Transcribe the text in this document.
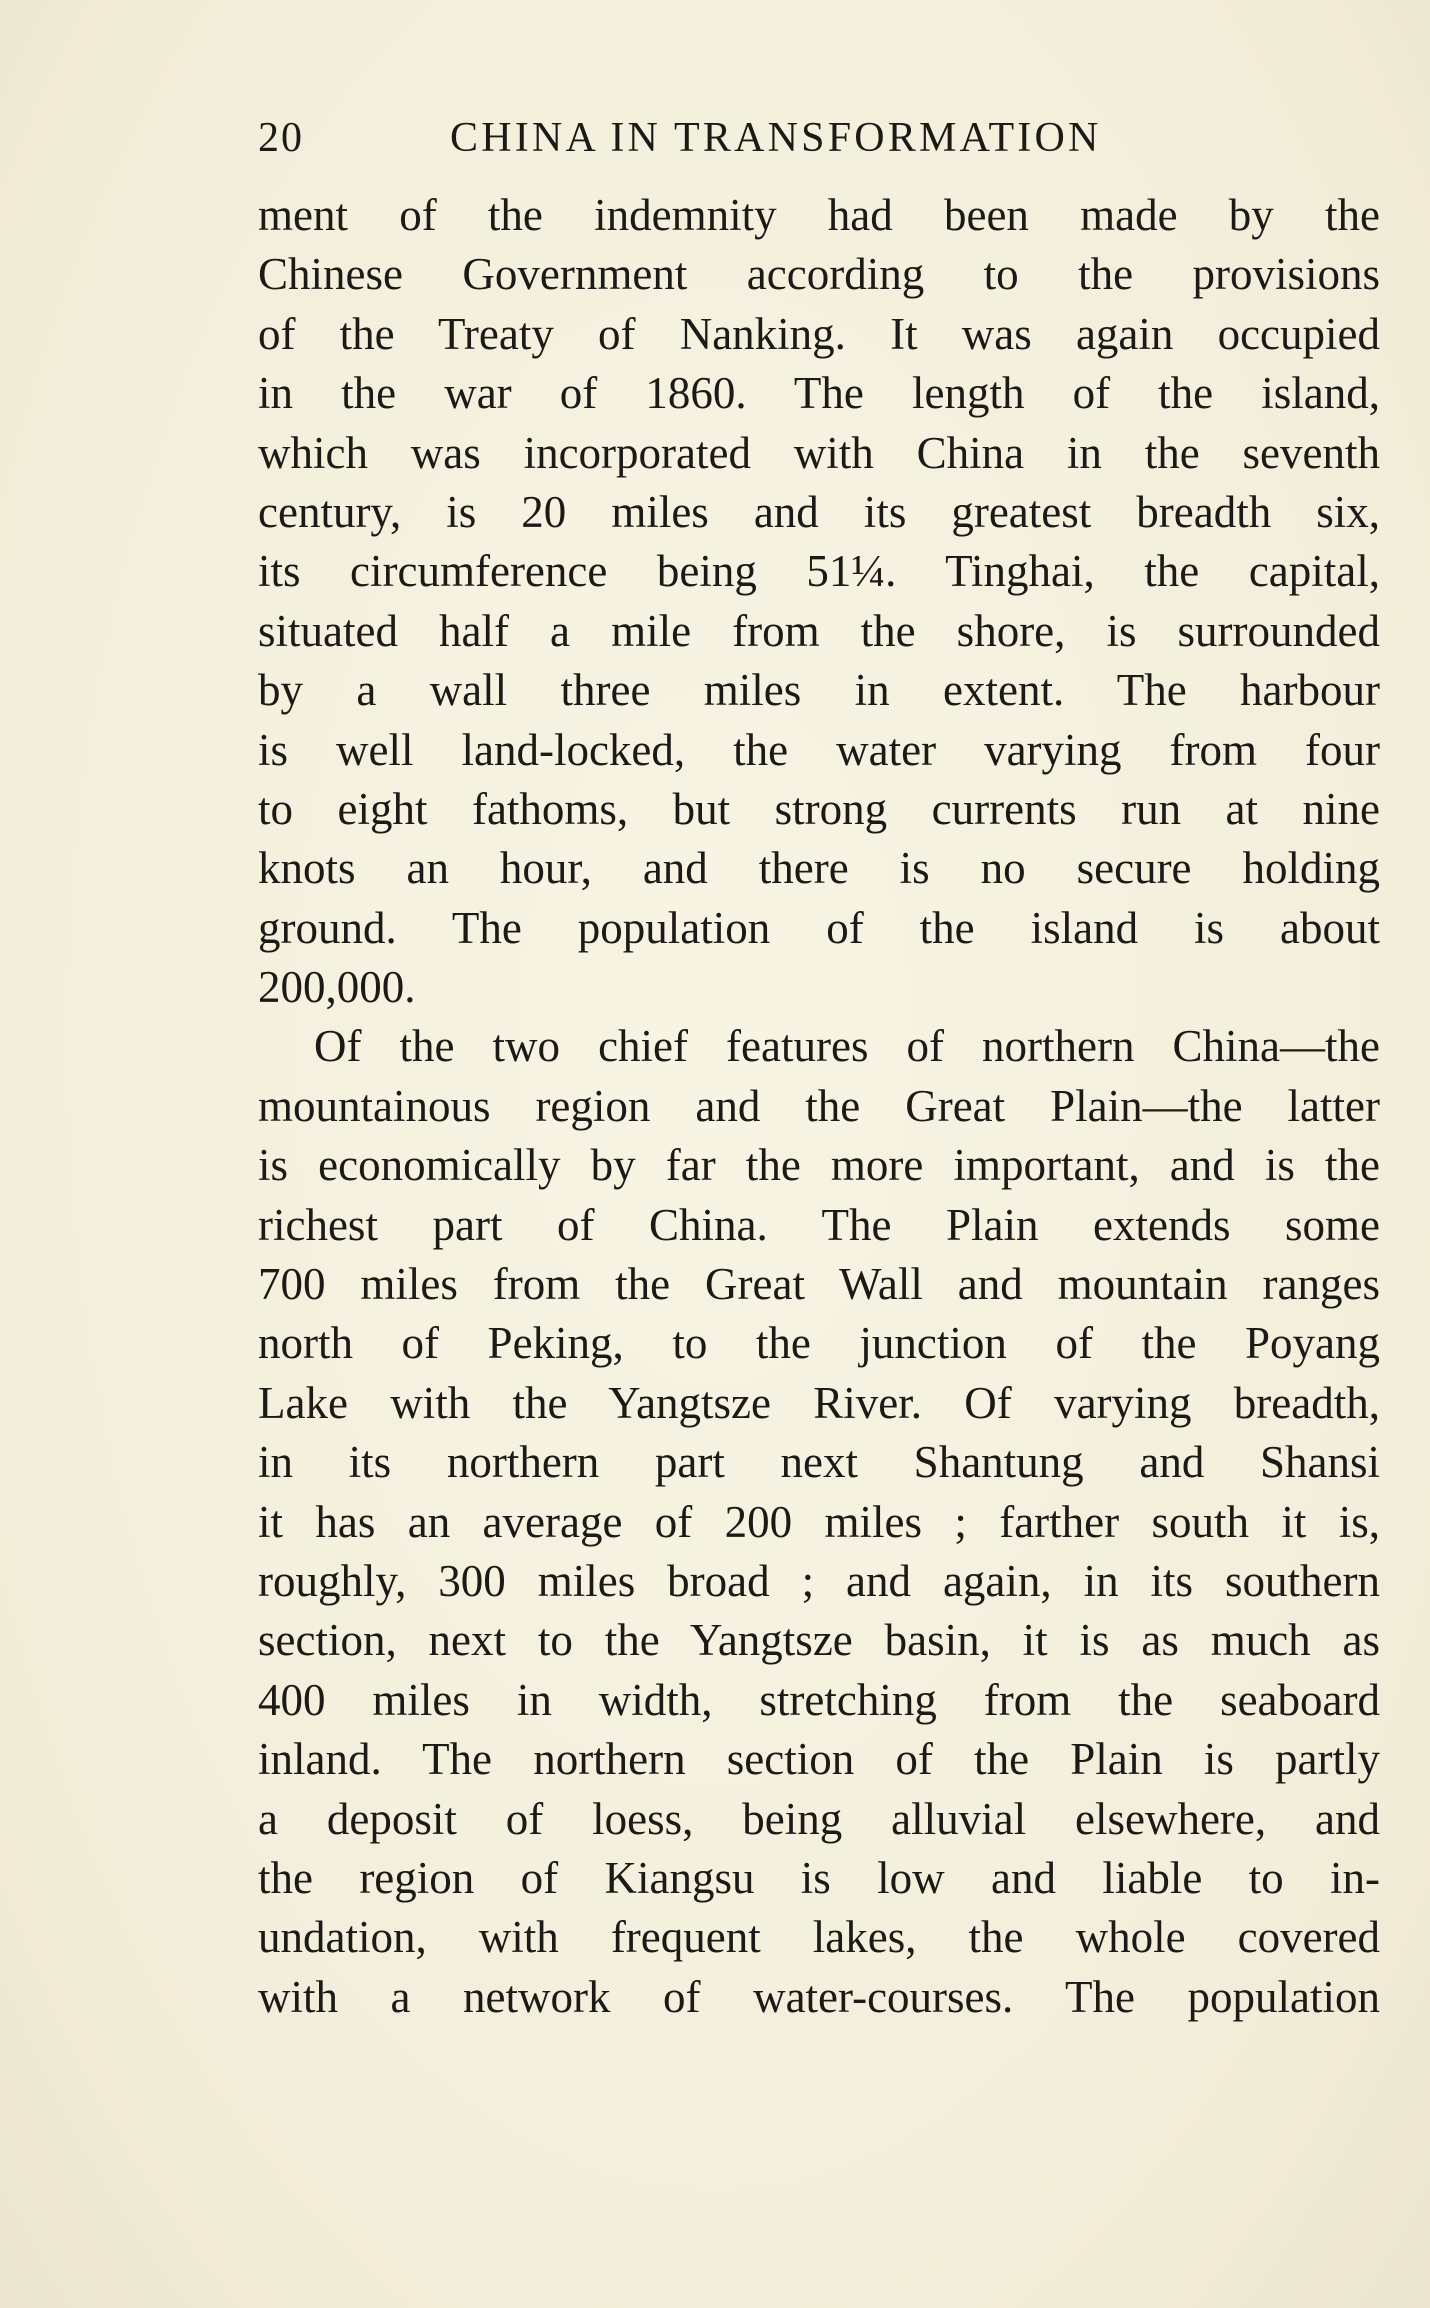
20	CHINA IN TRANSFORMATION
ment of the indemnity had been made by the
Chinese Government according to the provisions
of the Treaty of Nanking. It was again occupied
in the war of 1860. The length of the island,
which was incorporated with China in the seventh
century, is 20 miles and its greatest breadth six,
its circumference being 51¼. Tinghai, the capital,
situated half a mile from the shore, is surrounded
by a wall three miles in extent. The harbour
is well land-locked, the water varying from four
to eight fathoms, but strong currents run at nine
knots an hour, and there is no secure holding
ground. The population of the island is about
200,000.
Of the two chief features of northern China—the
mountainous region and the Great Plain—the latter
is economically by far the more important, and is the
richest part of China. The Plain extends some
700 miles from the Great Wall and mountain ranges
north of Peking, to the junction of the Poyang
Lake with the Yangtsze River. Of varying breadth,
in its northern part next Shantung and Shansi
it has an average of 200 miles ; farther south it is,
roughly, 300 miles broad ; and again, in its southern
section, next to the Yangtsze basin, it is as much as
400 miles in width, stretching from the seaboard
inland. The northern section of the Plain is partly
a deposit of loess, being alluvial elsewhere, and
the region of Kiangsu is low and liable to in-
undation, with frequent lakes, the whole covered
with a network of water-courses. The population
